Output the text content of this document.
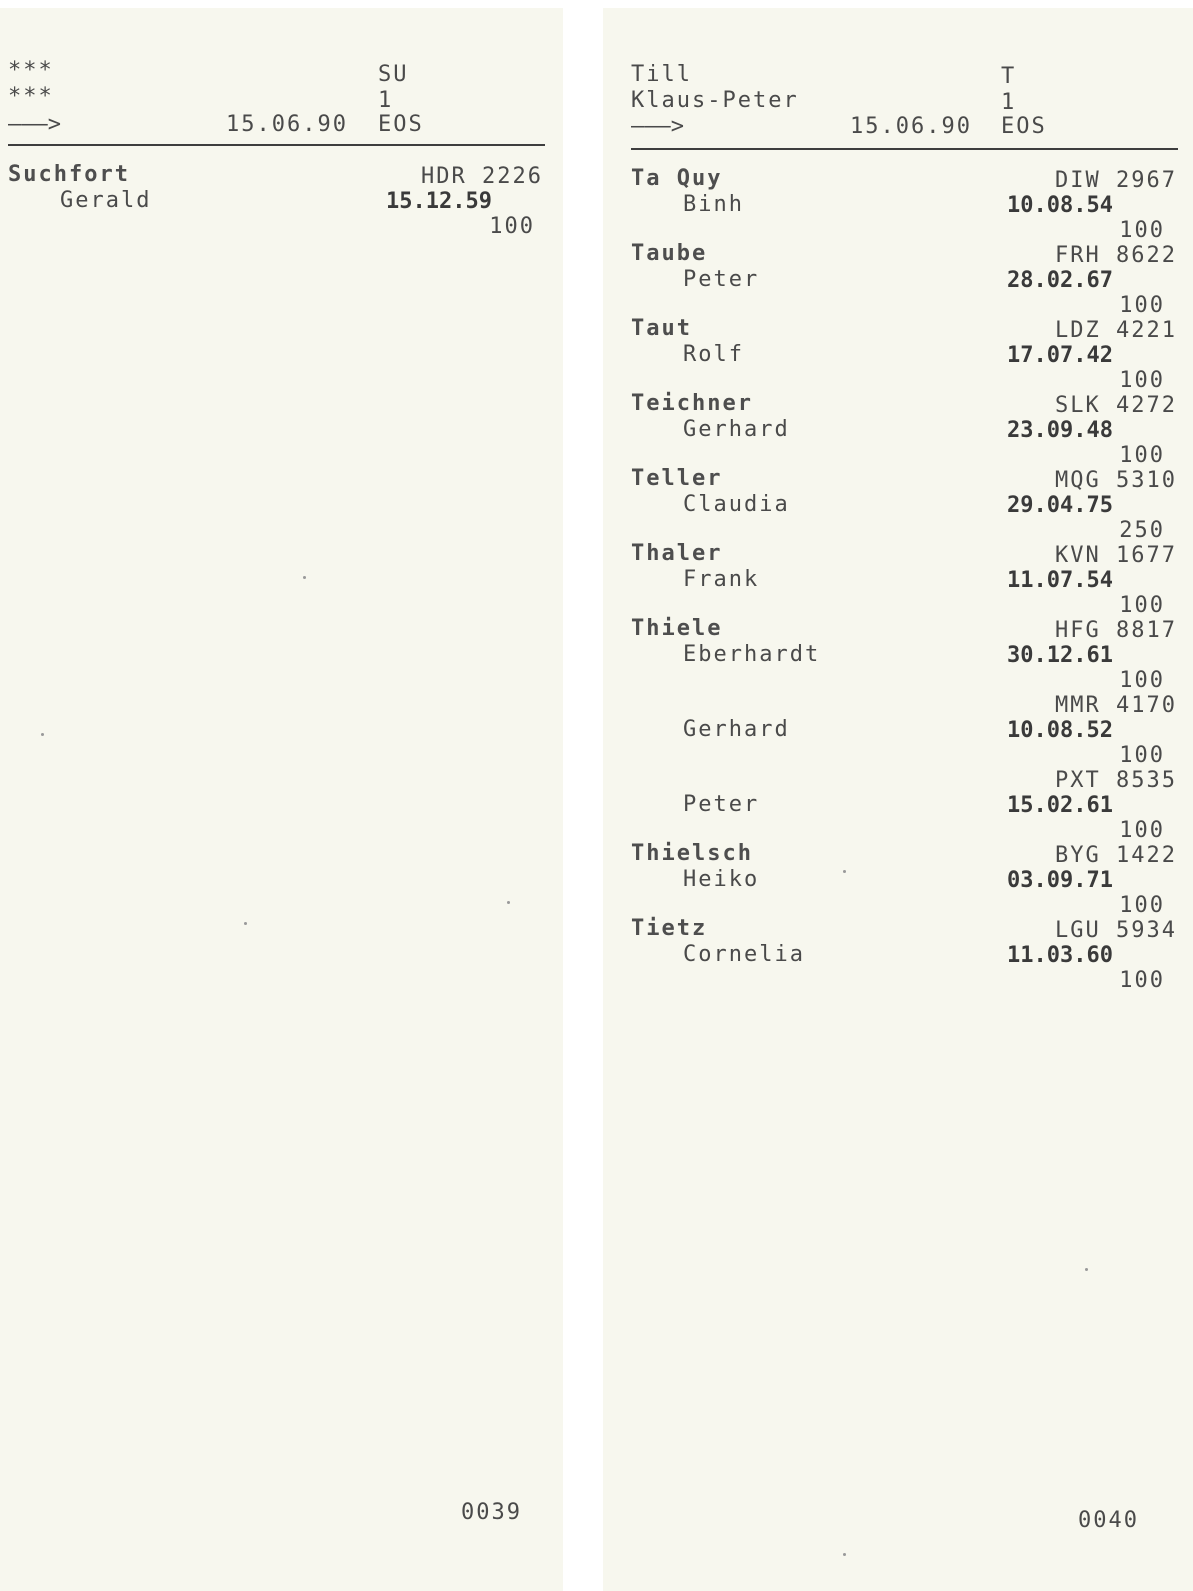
***
***
———>	15.06.90
SU
1
EOS
Suchfort
Gerald
HDR 2226
15.12.59
100
0039
Till
Klaus-Peter
———>	15.06.90
T
1
EOS
Ta Quy
Binh
DIW 2967
10.08.54
100
Taube
Peter
FRH 8622
28.02.67
100
Taut
Rolf
LDZ 4221
17.07.42
100
Teichner
Gerhard
SLK 4272
23.09.48
100
Teller
Claudia
MQG 5310
29.04.75
250
Thaler
Frank
KVN 1677
11.07.54
100
Thiele
Eberhardt
HFG 8817
30.12.61
100
Gerhard
MMR 4170
10.08.52
100
Peter
PXT 8535
15.02.61
100
Thielsch
Heiko
BYG 1422
03.09.71
100
Tietz
Cornelia
LGU 5934
11.03.60
100
0040
